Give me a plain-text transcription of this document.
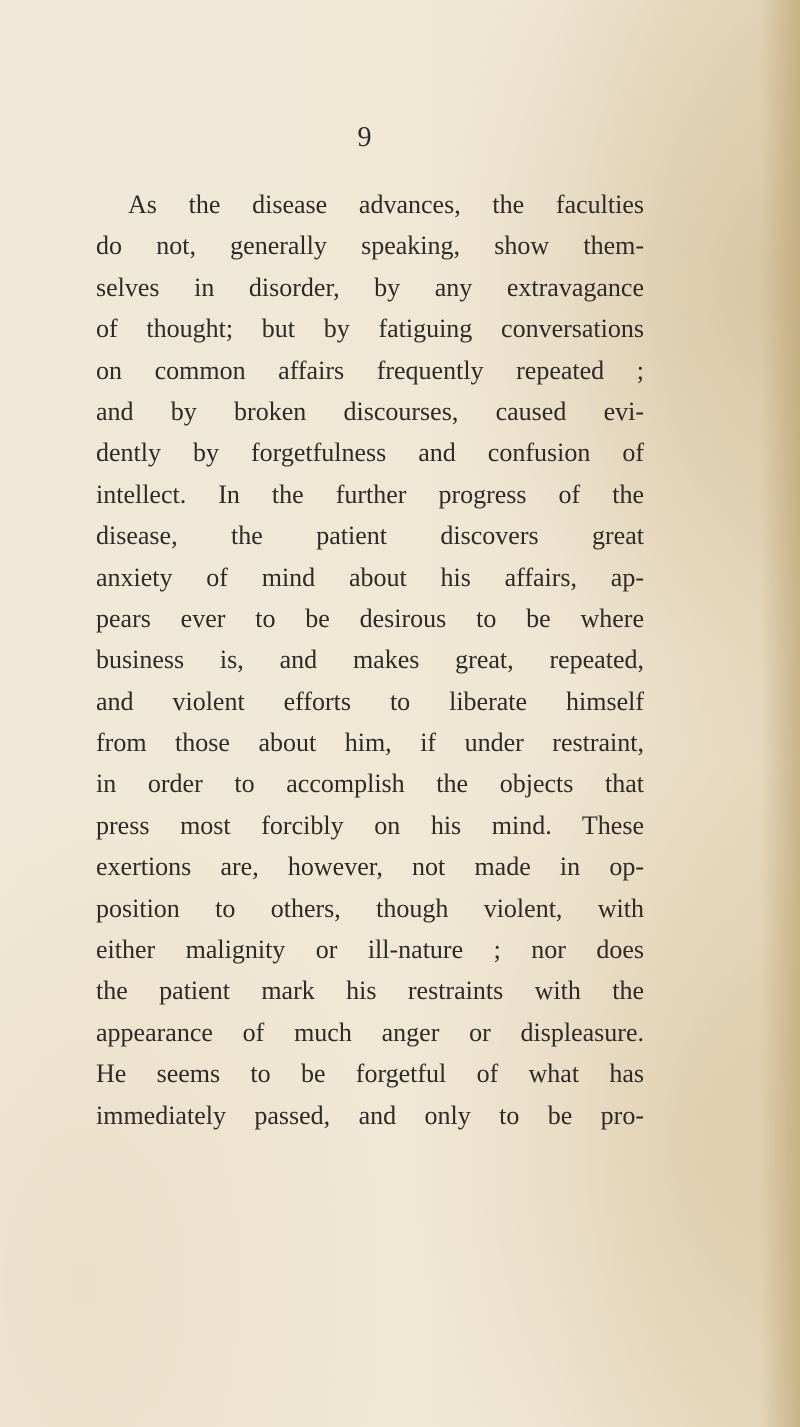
9
As the disease advances, the faculties
do not, generally speaking, show them-
selves in disorder, by any extravagance
of thought; but by fatiguing conversations
on common affairs frequently repeated ;
and by broken discourses, caused evi-
dently by forgetfulness and confusion of
intellect. In the further progress of the
disease, the patient discovers great
anxiety of mind about his affairs, ap-
pears ever to be desirous to be where
business is, and makes great, repeated,
and violent efforts to liberate himself
from those about him, if under restraint,
in order to accomplish the objects that
press most forcibly on his mind. These
exertions are, however, not made in op-
position to others, though violent, with
either malignity or ill-nature ; nor does
the patient mark his restraints with the
appearance of much anger or displeasure.
He seems to be forgetful of what has
immediately passed, and only to be pro-
